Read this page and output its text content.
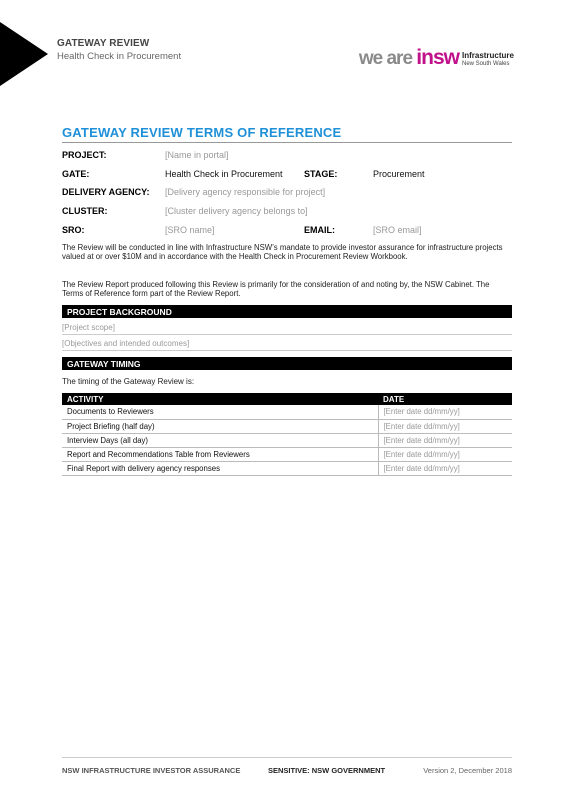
GATEWAY REVIEW
Health Check in Procurement	we are insw Infrastructure
New South Wales
GATEWAY REVIEW TERMS OF REFERENCE
PROJECT:	[Name in portal]
GATE:	Health Check in Procurement STAGE:	Procurement
DELIVERY AGENCY: [Delivery agency responsible for project]
CLUSTER:	[Cluster delivery agency belongs to]
SRO:	[SRO name]	EMAIL:	[SRO email]
The Review will be conducted in line with Infrastructure NSW’s mandate to provide investor assurance for infrastructure projects valued at or over $10M and in accordance with the Health Check in Procurement Review Workbook.
The Review Report produced following this Review is primarily for the consideration of and noting by, the NSW Cabinet. The Terms of Reference form part of the Review Report.
PROJECT BACKGROUND
[Project scope]
[Objectives and intended outcomes]
GATEWAY TIMING
The timing of the Gateway Review is:
ACTIVITY	DATE
Documents to Reviewers	[Enter date dd/mm/yy]
Project Briefing (half day)	[Enter date dd/mm/yy]
Interview Days (all day)	[Enter date dd/mm/yy]
Report and Recommendations Table from Reviewers	[Enter date dd/mm/yy]
Final Report with delivery agency responses	[Enter date dd/mm/yy]
NSW INFRASTRUCTURE INVESTOR ASSURANCE	SENSITIVE: NSW GOVERNMENT	Version 2, December 2018
